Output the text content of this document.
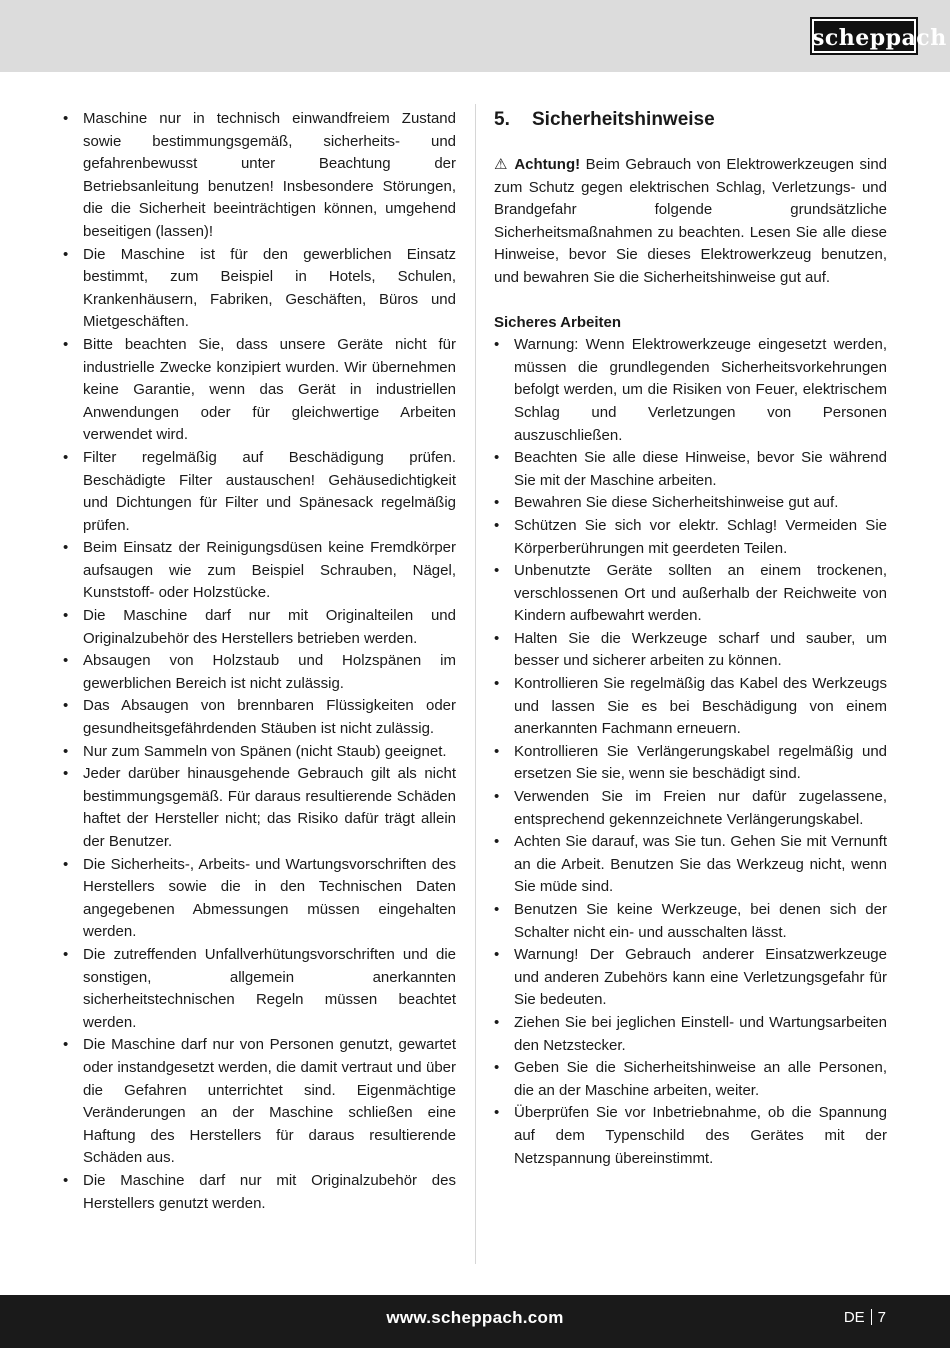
scheppach
• Maschine nur in technisch einwandfreiem Zustand sowie bestimmungsgemäß, sicherheits- und gefahrenbewusst unter Beachtung der Betriebsanleitung benutzen! Insbesondere Störungen, die die Sicherheit beeinträchtigen können, umgehend beseitigen (lassen)!
• Die Maschine ist für den gewerblichen Einsatz bestimmt, zum Beispiel in Hotels, Schulen, Krankenhäusern, Fabriken, Geschäften, Büros und Mietgeschäften.
• Bitte beachten Sie, dass unsere Geräte nicht für industrielle Zwecke konzipiert wurden. Wir übernehmen keine Garantie, wenn das Gerät in industriellen Anwendungen oder für gleichwertige Arbeiten verwendet wird.
• Filter regelmäßig auf Beschädigung prüfen. Beschädigte Filter austauschen! Gehäusedichtigkeit und Dichtungen für Filter und Spänesack regelmäßig prüfen.
• Beim Einsatz der Reinigungsdüsen keine Fremdkörper aufsaugen wie zum Beispiel Schrauben, Nägel, Kunststoff- oder Holzstücke.
• Die Maschine darf nur mit Originalteilen und Originalzubehör des Herstellers betrieben werden.
• Absaugen von Holzstaub und Holzspänen im gewerblichen Bereich ist nicht zulässig.
• Das Absaugen von brennbaren Flüssigkeiten oder gesundheitsgefährdenden Stäuben ist nicht zulässig.
• Nur zum Sammeln von Spänen (nicht Staub) geeignet.
• Jeder darüber hinausgehende Gebrauch gilt als nicht bestimmungsgemäß. Für daraus resultierende Schäden haftet der Hersteller nicht; das Risiko dafür trägt allein der Benutzer.
• Die Sicherheits-, Arbeits- und Wartungsvorschriften des Herstellers sowie die in den Technischen Daten angegebenen Abmessungen müssen eingehalten werden.
• Die zutreffenden Unfallverhütungsvorschriften und die sonstigen, allgemein anerkannten sicherheitstechnischen Regeln müssen beachtet werden.
• Die Maschine darf nur von Personen genutzt, gewartet oder instandgesetzt werden, die damit vertraut und über die Gefahren unterrichtet sind. Eigenmächtige Veränderungen an der Maschine schließen eine Haftung des Herstellers für daraus resultierende Schäden aus.
• Die Maschine darf nur mit Originalzubehör des Herstellers genutzt werden.
5. Sicherheitshinweise

⚠ Achtung! Beim Gebrauch von Elektrowerkzeugen sind zum Schutz gegen elektrischen Schlag, Verletzungs- und Brandgefahr folgende grundsätzliche Sicherheitsmaßnahmen zu beachten. Lesen Sie alle diese Hinweise, bevor Sie dieses Elektrowerkzeug benutzen, und bewahren Sie die Sicherheitshinweise gut auf.

Sicheres Arbeiten

• Warnung: Wenn Elektrowerkzeuge eingesetzt werden, müssen die grundlegenden Sicherheitsvorkehrungen befolgt werden, um die Risiken von Feuer, elektrischem Schlag und Verletzungen von Personen auszuschließen.
• Beachten Sie alle diese Hinweise, bevor Sie während Sie mit der Maschine arbeiten.
• Bewahren Sie diese Sicherheitshinweise gut auf.
• Schützen Sie sich vor elektr. Schlag! Vermeiden Sie Körperberührungen mit geerdeten Teilen.
• Unbenutzte Geräte sollten an einem trockenen, verschlossenen Ort und außerhalb der Reichweite von Kindern aufbewahrt werden.
• Halten Sie die Werkzeuge scharf und sauber, um besser und sicherer arbeiten zu können.
• Kontrollieren Sie regelmäßig das Kabel des Werkzeugs und lassen Sie es bei Beschädigung von einem anerkannten Fachmann erneuern.
• Kontrollieren Sie Verlängerungskabel regelmäßig und ersetzen Sie sie, wenn sie beschädigt sind.
• Verwenden Sie im Freien nur dafür zugelassene, entsprechend gekennzeichnete Verlängerungskabel.
• Achten Sie darauf, was Sie tun. Gehen Sie mit Vernunft an die Arbeit. Benutzen Sie das Werkzeug nicht, wenn Sie müde sind.
• Benutzen Sie keine Werkzeuge, bei denen sich der Schalter nicht ein- und ausschalten lässt.
• Warnung! Der Gebrauch anderer Einsatzwerkzeuge und anderen Zubehörs kann eine Verletzungsgefahr für Sie bedeuten.
• Ziehen Sie bei jeglichen Einstell- und Wartungsarbeiten den Netzstecker.
• Geben Sie die Sicherheitshinweise an alle Personen, die an der Maschine arbeiten, weiter.
• Überprüfen Sie vor Inbetriebnahme, ob die Spannung auf dem Typenschild des Gerätes mit der Netzspannung übereinstimmt.
www.scheppach.com	DE 7
